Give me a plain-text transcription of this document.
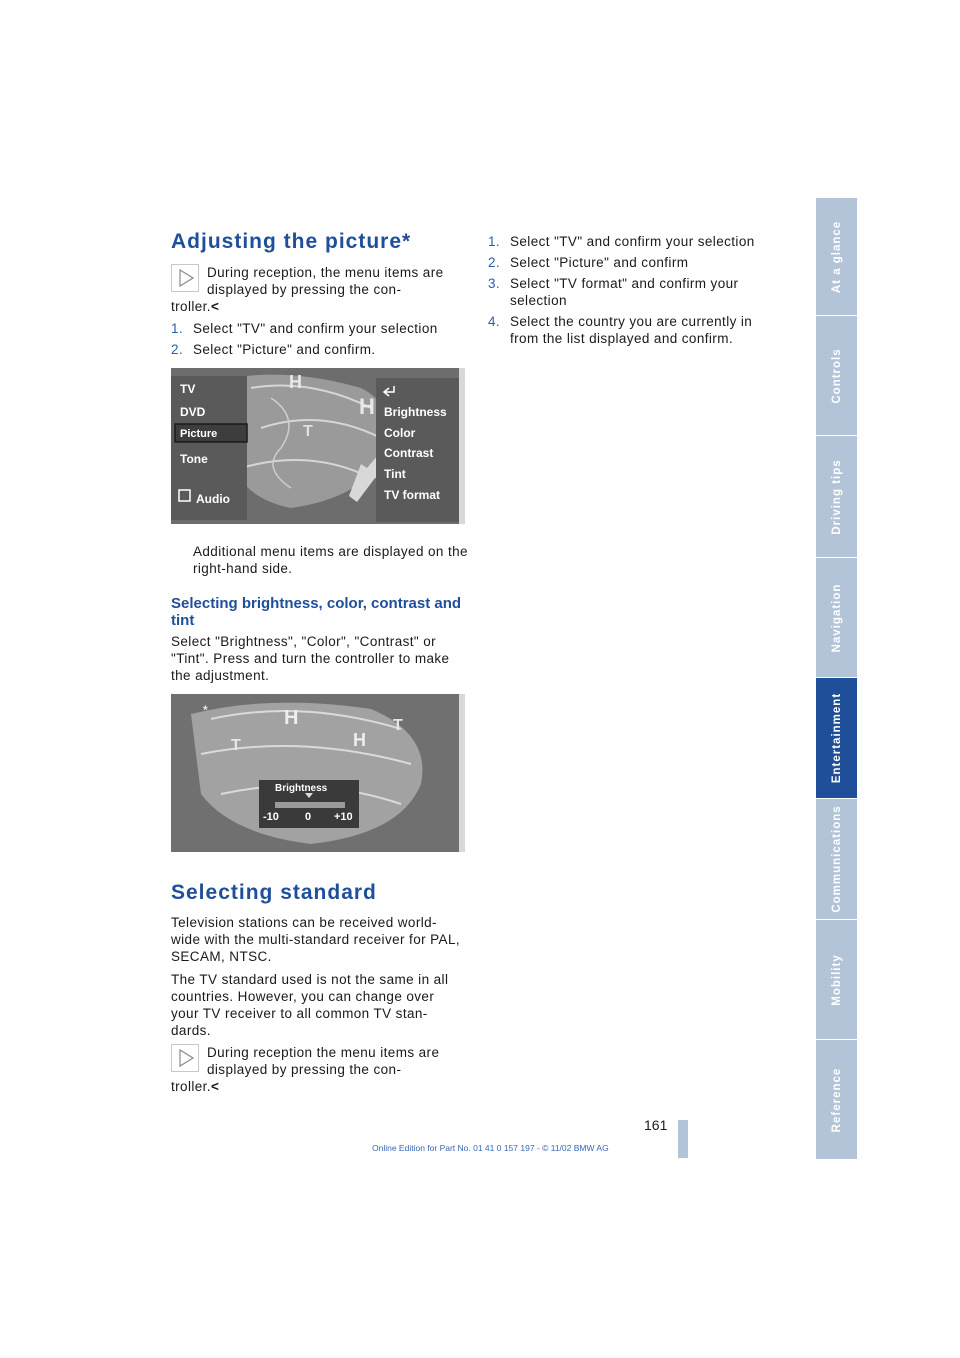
Adjusting the picture*

During reception, the menu items are displayed by pressing the con-

troller.<

1. Select "TV" and confirm your selection

2. Select "Picture" and confirm.

H
H
T
TV
DVD
Picture
Tone
Audio
Brightness
Color
Contrast
Tint
TV format

Additional menu items are displayed on the right-hand side.

Selecting brightness, color, contrast and tint

Select "Brightness", "Color", "Contrast" or "Tint". Press and turn the controller to make the adjustment.

H
H
T
T
*
Brightness
-10 0 +10
Selecting standard

Television stations can be received world-wide with the multi-standard receiver for PAL, SECAM, NTSC.

The TV standard used is not the same in all countries. However, you can change over your TV receiver to all common TV stan-dards.

During reception the menu items are displayed by pressing the con-

troller.<

1. Select "TV" and confirm your selection

2. Select "Picture" and confirm

3. Select "TV format" and confirm your selection

4. Select the country you are currently in from the list displayed and confirm.

At a glance
Controls
Driving tips
Navigation
Entertainment
Communications
Mobility
Reference
161
Online Edition for Part No. 01 41 0 157 197 - © 11/02 BMW AG
